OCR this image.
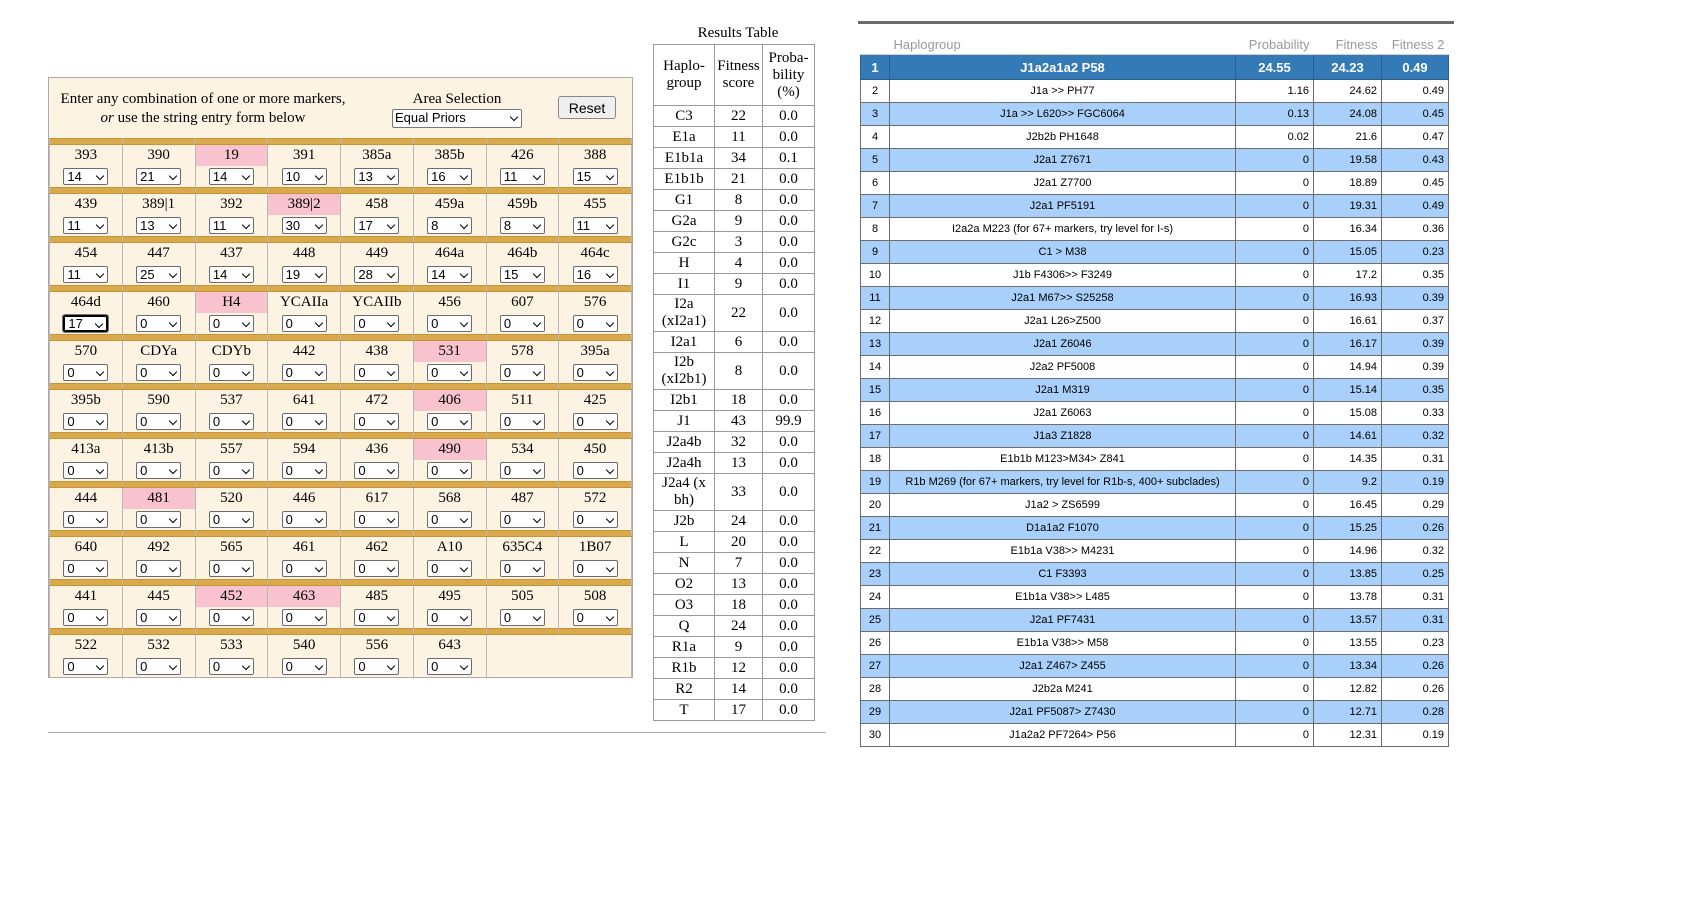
Enter any combination of one or more markers, or use the string entry form below
Area Selection
Equal Priors
Reset

393	390	19	391	385a	385b	426	388
14	21	14	10	13	16	11	15

439	389|1	392	389|2	458	459a	459b	455
11	13	11	30	17	8	8	11

454	447	437	448	449	464a	464b	464c
11	25	14	19	28	14	15	16

464d	460	H4	YCAIIa	YCAIIb	456	607	576
17	0	0	0	0	0	0	0

570	CDYa	CDYb	442	438	531	578	395a
0	0	0	0	0	0	0	0

395b	590	537	641	472	406	511	425
0	0	0	0	0	0	0	0

413a	413b	557	594	436	490	534	450
0	0	0	0	0	0	0	0

444	481	520	446	617	568	487	572
0	0	0	0	0	0	0	0

640	492	565	461	462	A10	635C4	1B07
0	0	0	0	0	0	0	0

441	445	452	463	485	495	505	508
0	0	0	0	0	0	0	0

522	532	533	540	556	643		
0	0	0	0	0	0		
Results Table
Haplo-group	Fitness score	Proba-bility (%)
C3	22	0.0
E1a	11	0.0
E1b1a	34	0.1
E1b1b	21	0.0
G1	8	0.0
G2a	9	0.0
G2c	3	0.0
H	4	0.0
I1	9	0.0
I2a (xI2a1)	22	0.0
I2a1	6	0.0
I2b (xI2b1)	8	0.0
I2b1	18	0.0
J1	43	99.9
J2a4b	32	0.0
J2a4h	13	0.0
J2a4 (x bh)	33	0.0
J2b	24	0.0
L	20	0.0
N	7	0.0
O2	13	0.0
O3	18	0.0
Q	24	0.0
R1a	9	0.0
R1b	12	0.0
R2	14	0.0
T	17	0.0
	Haplogroup	Probability	Fitness	Fitness 2
1	J1a2a1a2 P58	24.55	24.23	0.49
2	J1a >> PH77	1.16	24.62	0.49
3	J1a >> L620>> FGC6064	0.13	24.08	0.45
4	J2b2b PH1648	0.02	21.6	0.47
5	J2a1 Z7671	0	19.58	0.43
6	J2a1 Z7700	0	18.89	0.45
7	J2a1 PF5191	0	19.31	0.49
8	I2a2a M223 (for 67+ markers, try level for I-s)	0	16.34	0.36
9	C1 > M38	0	15.05	0.23
10	J1b F4306>> F3249	0	17.2	0.35
11	J2a1 M67>> S25258	0	16.93	0.39
12	J2a1 L26>Z500	0	16.61	0.37
13	J2a1 Z6046	0	16.17	0.39
14	J2a2 PF5008	0	14.94	0.39
15	J2a1 M319	0	15.14	0.35
16	J2a1 Z6063	0	15.08	0.33
17	J1a3 Z1828	0	14.61	0.32
18	E1b1b M123>M34> Z841	0	14.35	0.31
19	R1b M269 (for 67+ markers, try level for R1b-s, 400+ subclades)	0	9.2	0.19
20	J1a2 > ZS6599	0	16.45	0.29
21	D1a1a2 F1070	0	15.25	0.26
22	E1b1a V38>> M4231	0	14.96	0.32
23	C1 F3393	0	13.85	0.25
24	E1b1a V38>> L485	0	13.78	0.31
25	J2a1 PF7431	0	13.57	0.31
26	E1b1a V38>> M58	0	13.55	0.23
27	J2a1 Z467> Z455	0	13.34	0.26
28	J2b2a M241	0	12.82	0.26
29	J2a1 PF5087> Z7430	0	12.71	0.28
30	J1a2a2 PF7264> P56	0	12.31	0.19
